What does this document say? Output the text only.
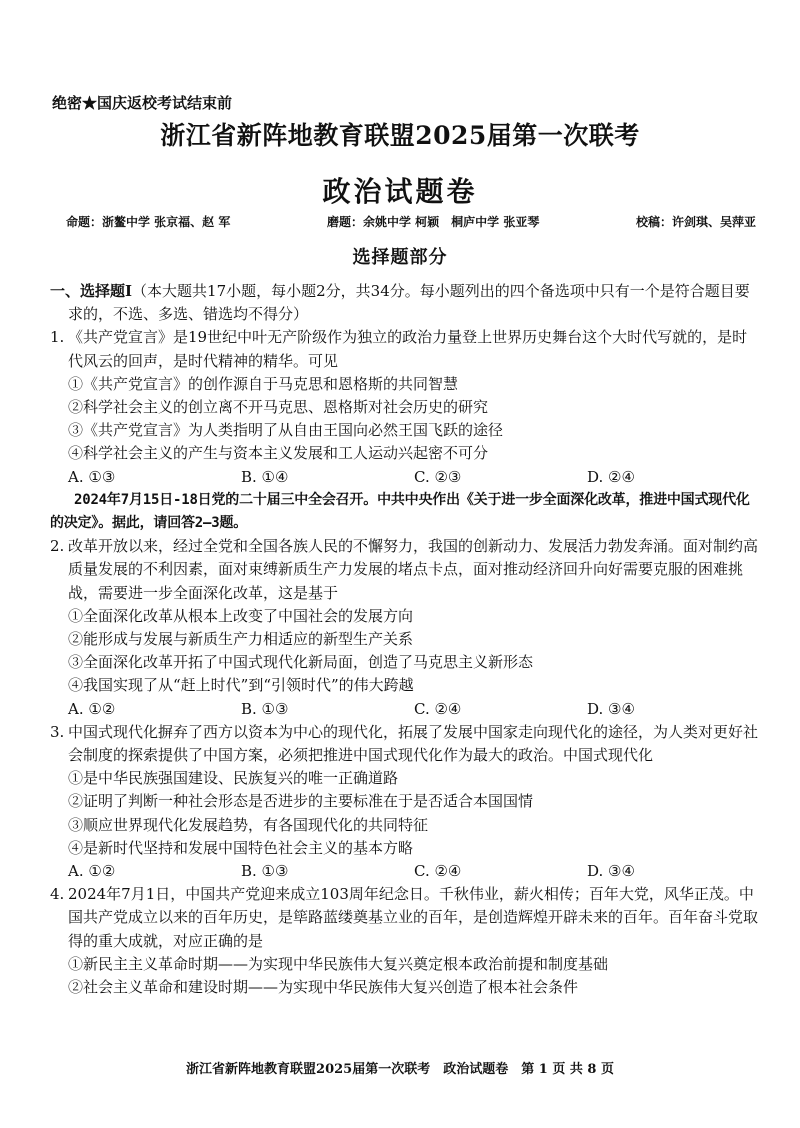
绝密★国庆返校考试结束前
浙江省新阵地教育联盟2025届第一次联考
政治试题卷
命题：浙鳌中学 张京福、赵 军	磨题：余姚中学 柯颖　桐庐中学 张亚琴	校稿：许剑琪、吴萍亚
选择题部分

一、选择题Ⅰ（本大题共17小题，每小题2分，共34分。每小题列出的四个备选项中只有一个是符合题目要求的，不选、多选、错选均不得分）

1. 《共产党宣言》是19世纪中叶无产阶级作为独立的政治力量登上世界历史舞台这个大时代写就的，是时代风云的回声，是时代精神的精华。可见

①《共产党宣言》的创作源自于马克思和恩格斯的共同智慧

②科学社会主义的创立离不开马克思、恩格斯对社会历史的研究

③《共产党宣言》为人类指明了从自由王国向必然王国飞跃的途径

④科学社会主义的产生与资本主义发展和工人运动兴起密不可分

A. ①③	B. ①④	C. ②③	D. ②④

2024年7月15日-18日党的二十届三中全会召开。中共中央作出《关于进一步全面深化改革，推进中国式现代化的决定》。据此，请回答2—3题。

2. 改革开放以来，经过全党和全国各族人民的不懈努力，我国的创新动力、发展活力勃发奔涌。面对制约高质量发展的不利因素，面对束缚新质生产力发展的堵点卡点，面对推动经济回升向好需要克服的困难挑战，需要进一步全面深化改革，这是基于

①全面深化改革从根本上改变了中国社会的发展方向

②能形成与发展与新质生产力相适应的新型生产关系

③全面深化改革开拓了中国式现代化新局面，创造了马克思主义新形态

④我国实现了从“赶上时代”到“引领时代”的伟大跨越

A. ①②	B. ①③	C. ②④	D. ③④

3. 中国式现代化摒弃了西方以资本为中心的现代化，拓展了发展中国家走向现代化的途径，为人类对更好社会制度的探索提供了中国方案，必须把推进中国式现代化作为最大的政治。中国式现代化

①是中华民族强国建设、民族复兴的唯一正确道路

②证明了判断一种社会形态是否进步的主要标准在于是否适合本国国情

③顺应世界现代化发展趋势，有各国现代化的共同特征

④是新时代坚持和发展中国特色社会主义的基本方略

A. ①②	B. ①③	C. ②④	D. ③④

4. 2024年7月1日，中国共产党迎来成立103周年纪念日。千秋伟业，薪火相传；百年大党，风华正茂。中国共产党成立以来的百年历史，是筚路蓝缕奠基立业的百年，是创造辉煌开辟未来的百年。百年奋斗党取得的重大成就，对应正确的是

①新民主主义革命时期——为实现中华民族伟大复兴奠定根本政治前提和制度基础

②社会主义革命和建设时期——为实现中华民族伟大复兴创造了根本社会条件

浙江省新阵地教育联盟2025届第一次联考　政治试题卷　第 1 页 共 8 页
